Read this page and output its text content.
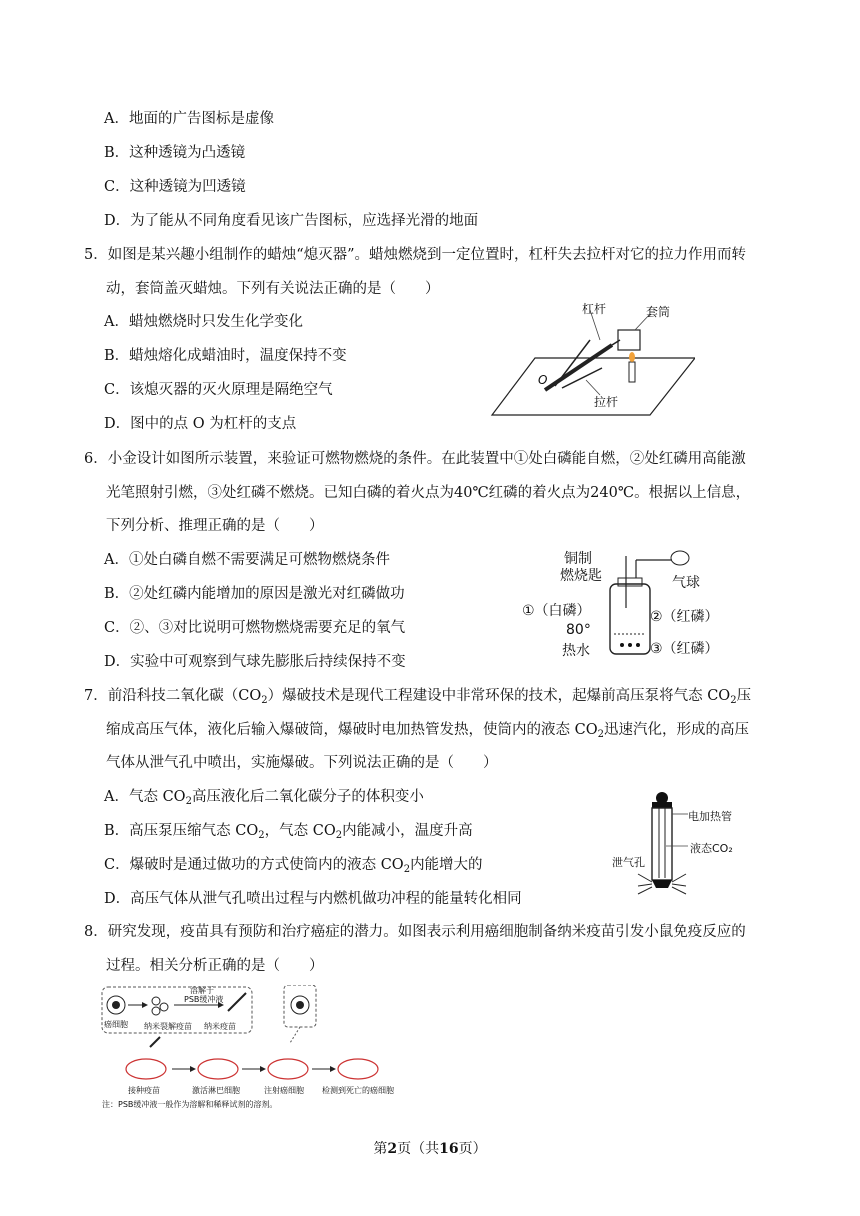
A．地面的广告图标是虚像
B．这种透镜为凸透镜
C．这种透镜为凹透镜
D．为了能从不同角度看见该广告图标，应选择光滑的地面
5．如图是某兴趣小组制作的蜡烛“熄灭器”。蜡烛燃烧到一定位置时，杠杆失去拉杆对它的拉力作用而转
动，套筒盖灭蜡烛。下列有关说法正确的是（　　）
A．蜡烛燃烧时只发生化学变化
B．蜡烛熔化成蜡油时，温度保持不变
C．该熄灭器的灭火原理是隔绝空气
D．图中的点 O 为杠杆的支点
杠杆	套筒
拉杆
O
6．小金设计如图所示装置，来验证可燃物燃烧的条件。在此装置中①处白磷能自燃，②处红磷用高能激
光笔照射引燃，③处红磷不燃烧。已知白磷的着火点为40℃红磷的着火点为240℃。根据以上信息，
下列分析、推理正确的是（　　）
A．①处白磷自燃不需要满足可燃物燃烧条件
B．②处红磷内能增加的原因是激光对红磷做功
C．②、③对比说明可燃物燃烧需要充足的氧气
D．实验中可观察到气球先膨胀后持续保持不变
铜制
燃烧匙	气球
①（白磷）	②（红磷）
80°
热水	③（红磷）
7．前沿科技二氧化碳$(CO_2)$爆破技术是现代工程建设中非常环保的技术，起爆前高压泵将气态 $CO_2$压
缩成高压气体，液化后输入爆破筒，爆破时电加热管发热，使筒内的液态 $CO_2$迅速汽化，形成的高压
气体从泄气孔中喷出，实施爆破。下列说法正确的是（　　）
A．气态 $CO_2$高压液化后二氧化碳分子的体积变小
B．高压泵压缩气态 $CO_2$，气态 $CO_2$内能减小，温度升高
C．爆破时是通过做功的方式使筒内的液态 $CO_2$内能增大的
D．高压气体从泄气孔喷出过程与内燃机做功冲程的能量转化相同
电加热管
液态CO₂
泄气孔
8．研究发现，疫苗具有预防和治疗癌症的潜力。如图表示利用癌细胞制备纳米疫苗引发小鼠免疫反应的
过程。相关分析正确的是（　　）
溶解于
PSB缓冲液
癌细胞 纳米裂解疫苗 纳米疫苗
接种疫苗	激活淋巴细胞	注射癌细胞 检测到死亡的癌细胞
注：PSB缓冲液一般作为溶解和稀释试剂的溶剂。
第2页（共16页）
